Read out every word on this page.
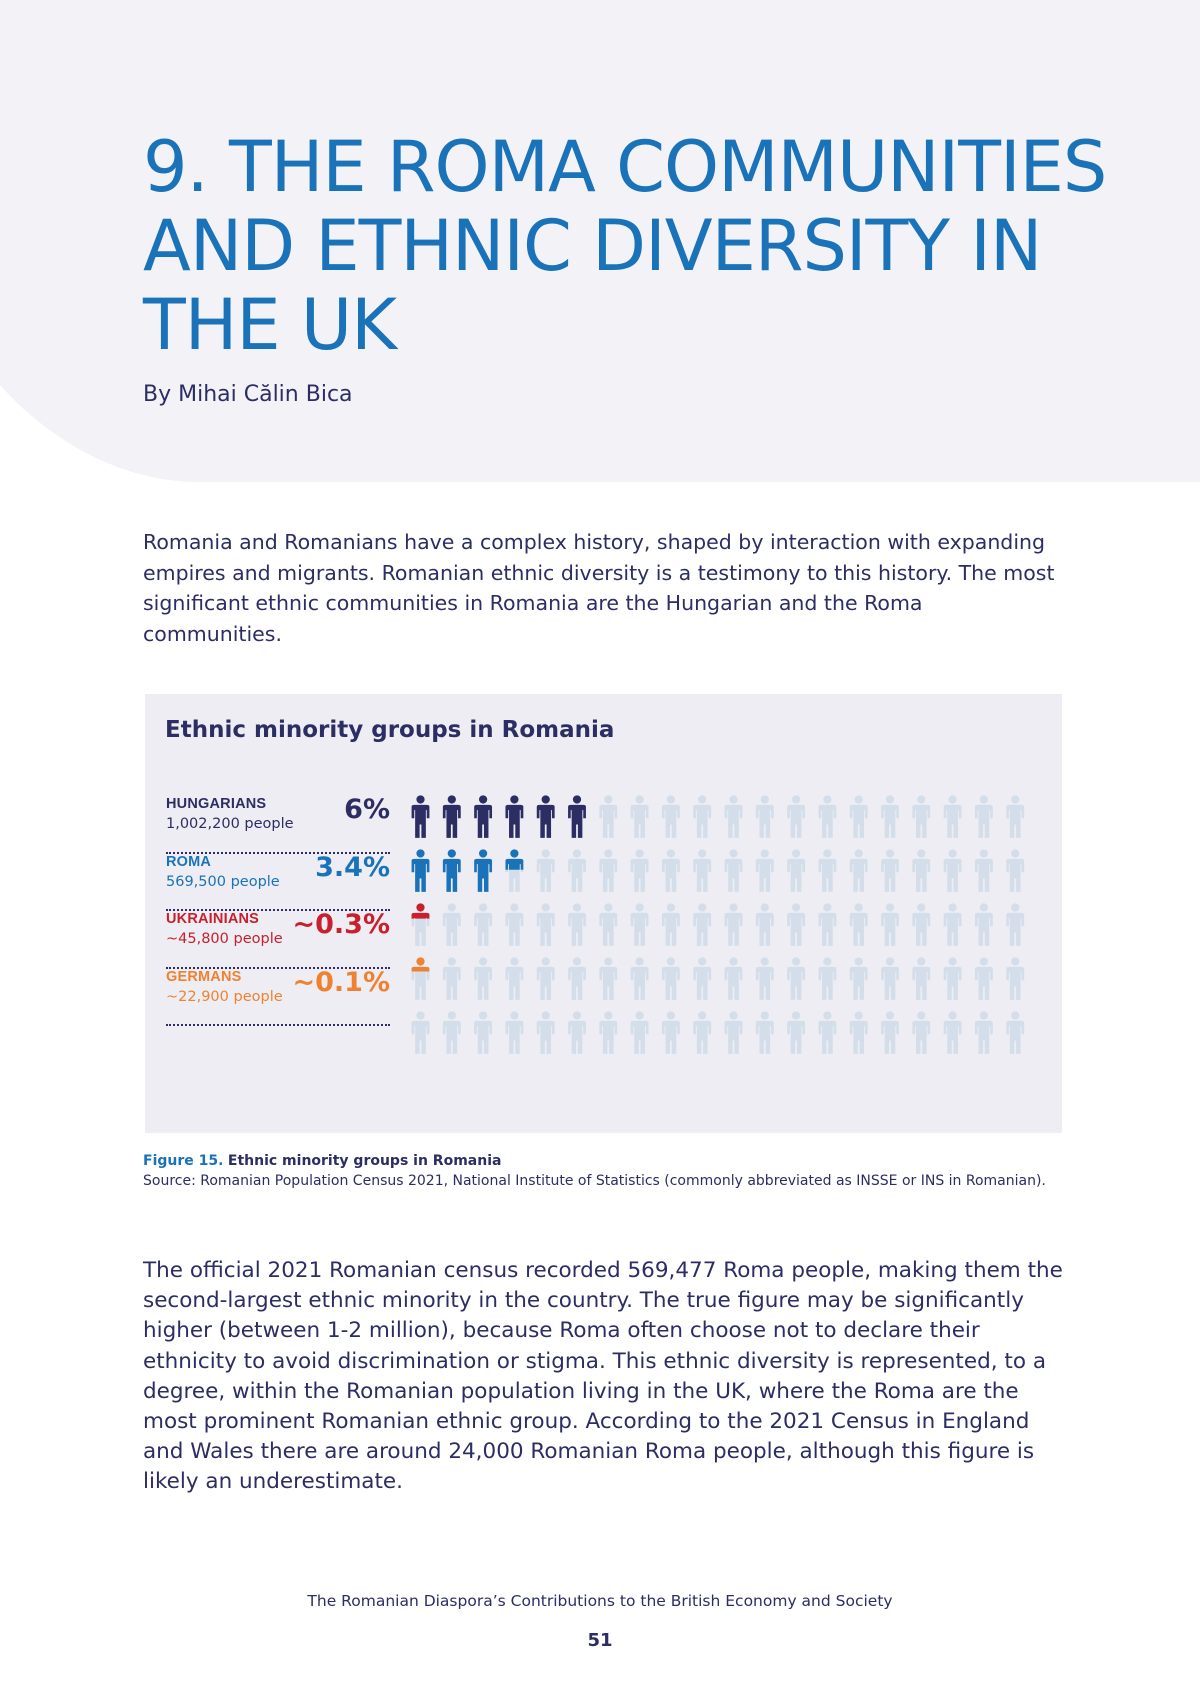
9. THE ROMA COMMUNITIES AND ETHNIC DIVERSITY IN THE UK
By Mihai Călin Bica

Romania and Romanians have a complex history, shaped by interaction with expanding empires and migrants. Romanian ethnic diversity is a testimony to this history. The most significant ethnic communities in Romania are the Hungarian and the Roma communities.

Ethnic minority groups in Romania
HUNGARIANS
1,002,200 people 6%
ROMA
569,500 people 3.4%
UKRAINIANS
~45,800 people ~0.3%
GERMANS
~22,900 people ~0.1%
Figure 15. Ethnic minority groups in Romania
Source: Romanian Population Census 2021, National Institute of Statistics (commonly abbreviated as INSSE or INS in Romanian).

The official 2021 Romanian census recorded 569,477 Roma people, making them the second-largest ethnic minority in the country. The true figure may be significantly higher (between 1-2 million), because Roma often choose not to declare their ethnicity to avoid discrimination or stigma. This ethnic diversity is represented, to a degree, within the Romanian population living in the UK, where the Roma are the most prominent Romanian ethnic group. According to the 2021 Census in England and Wales there are around 24,000 Romanian Roma people, although this figure is likely an underestimate.

The Romanian Diaspora’s Contributions to the British Economy and Society
51
